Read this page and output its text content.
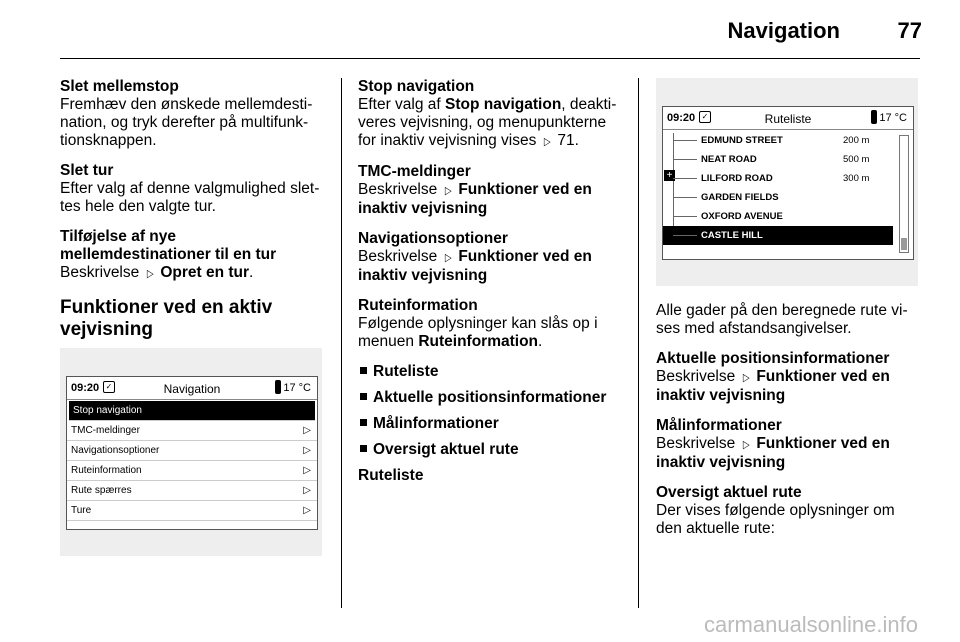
Navigation	77
Slet mellemstop
Fremhæv den ønskede mellemdestination, og tryk derefter på multifunktionsknappen.
Slet tur
Efter valg af denne valgmulighed slettes hele den valgte tur.
Tilføjelse af nye mellemdestinationer til en tur
Beskrivelse ▷ Opret en tur.
Funktioner ved en aktiv vejvisning
09:20 ✓	Navigation	17 °C
Stop navigation
TMC-meldinger	▷
Navigationsoptioner	▷
Ruteinformation	▷
Rute spærres	▷
Ture	▷
Stop navigation
Efter valg af Stop navigation, deaktiveres vejvisning, og menupunkterne for inaktiv vejvisning vises ▷ 71.
TMC-meldinger
Beskrivelse ▷ Funktioner ved en inaktiv vejvisning
Navigationsoptioner
Beskrivelse ▷ Funktioner ved en inaktiv vejvisning
Ruteinformation
Følgende oplysninger kan slås op i menuen Ruteinformation.
Ruteliste
Aktuelle positionsinformationer
Målinformationer
Oversigt aktuel rute
Ruteliste
09:20 ✓	Ruteliste	17 °C
+
EDMUND STREET	200 m
NEAT ROAD	500 m
LILFORD ROAD	300 m
GARDEN FIELDS
OXFORD AVENUE
CASTLE HILL
Alle gader på den beregnede rute vises med afstandsangivelser.
Aktuelle positionsinformationer
Beskrivelse ▷ Funktioner ved en inaktiv vejvisning
Målinformationer
Beskrivelse ▷ Funktioner ved en inaktiv vejvisning
Oversigt aktuel rute
Der vises følgende oplysninger om den aktuelle rute:
carmanualsonline.info
